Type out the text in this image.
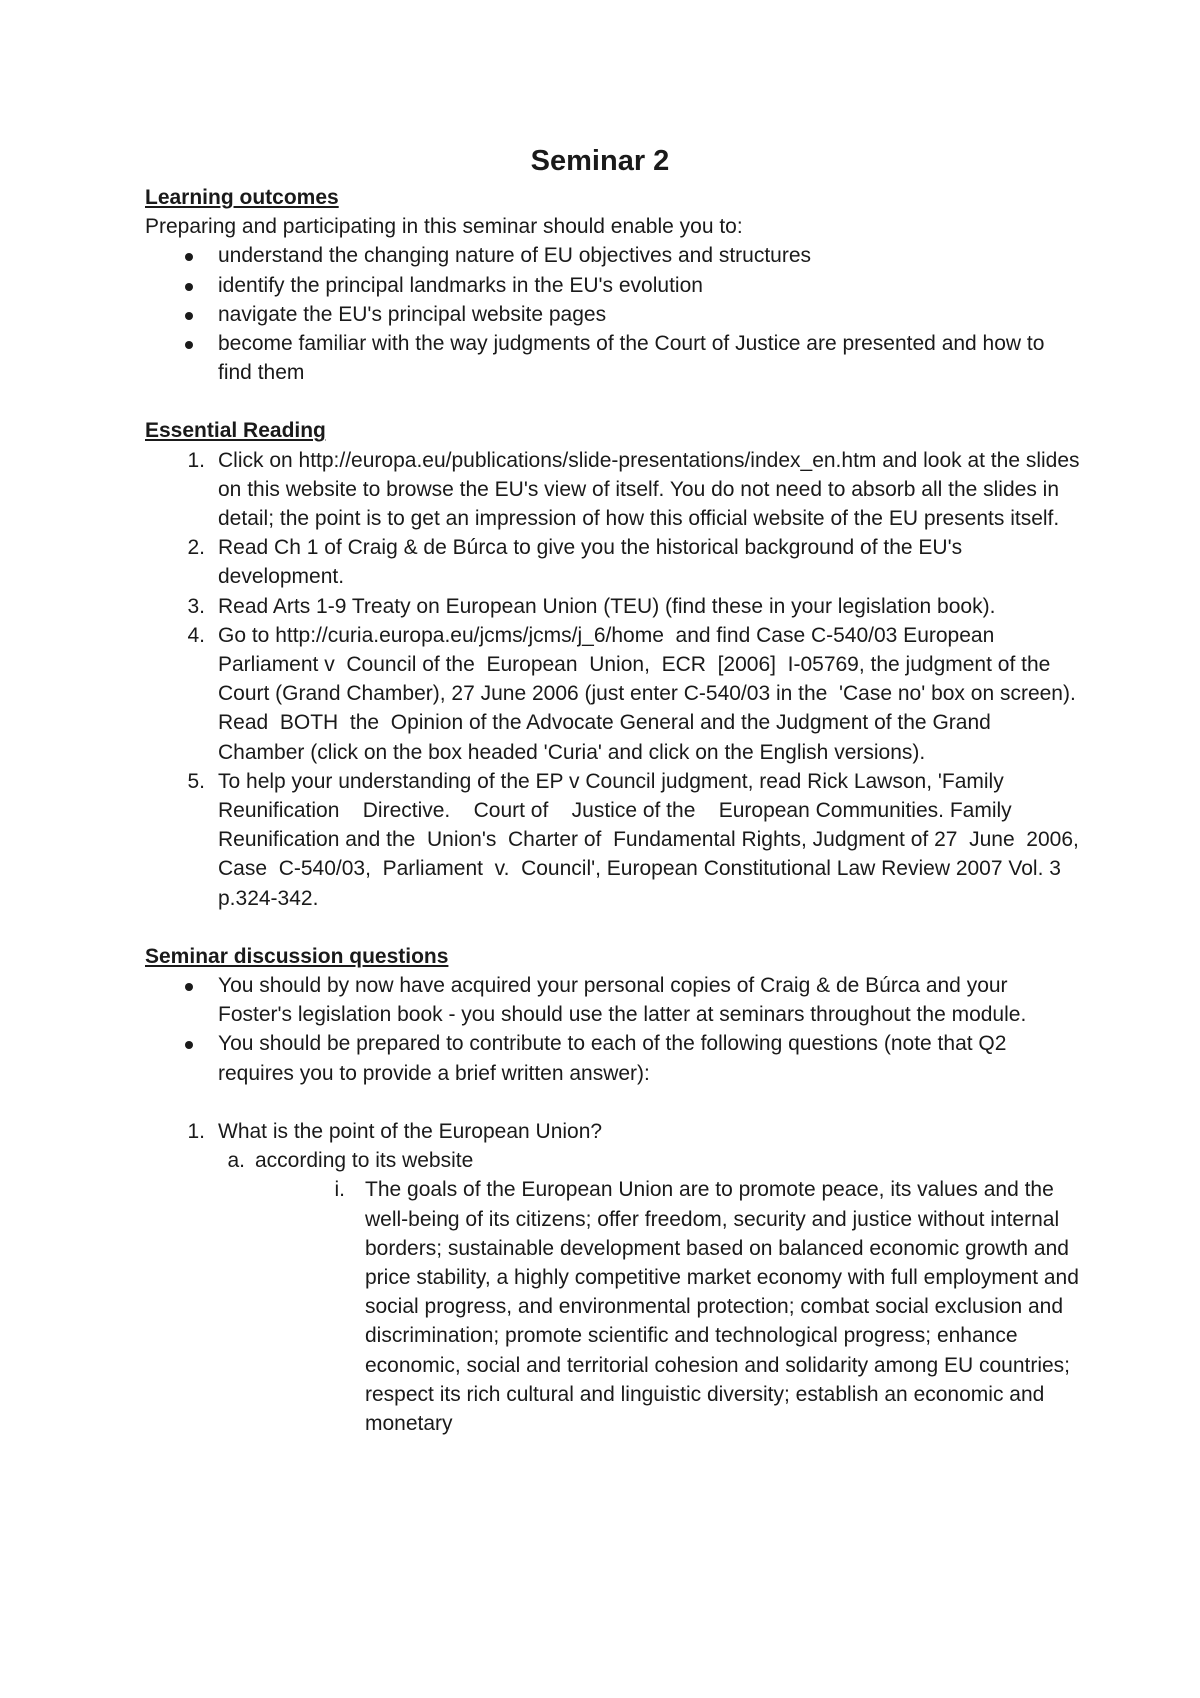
Seminar 2
Learning outcomes
Preparing and participating in this seminar should enable you to:
understand the changing nature of EU objectives and structures
identify the principal landmarks in the EU's evolution
navigate the EU's principal website pages
become familiar with the way judgments of the Court of Justice are presented and how to find them
Essential Reading
1. Click on http://europa.eu/publications/slide-presentations/index_en.htm and look at the slides on this website to browse the EU's view of itself. You do not need to absorb all the slides in detail; the point is to get an impression of how this official website of the EU presents itself.
2. Read Ch 1 of Craig & de Búrca to give you the historical background of the EU's development.
3. Read Arts 1-9 Treaty on European Union (TEU) (find these in your legislation book).
4. Go to http://curia.europa.eu/jcms/jcms/j_6/home  and find Case C-540/03 European Parliament v  Council of the  European  Union,  ECR  [2006]  I-05769, the judgment of the Court (Grand Chamber), 27 June 2006 (just enter C-540/03 in the  'Case no' box on screen).  Read  BOTH  the  Opinion of the Advocate General and the Judgment of the Grand Chamber (click on the box headed 'Curia' and click on the English versions).
5. To help your understanding of the EP v Council judgment, read Rick Lawson, 'Family Reunification    Directive.    Court of    Justice of the    European Communities. Family  Reunification and the  Union's  Charter of  Fundamental Rights, Judgment of 27  June  2006,  Case  C-540/03,  Parliament  v.  Council', European Constitutional Law Review 2007 Vol. 3 p.324-342.
Seminar discussion questions
You should by now have acquired your personal copies of Craig & de Búrca and your Foster's legislation book - you should use the latter at seminars throughout the module.
You should be prepared to contribute to each of the following questions (note that Q2 requires you to provide a brief written answer):
1. What is the point of the European Union?
a. according to its website
i. The goals of the European Union are to promote peace, its values and the well-being of its citizens; offer freedom, security and justice without internal borders; sustainable development based on balanced economic growth and price stability, a highly competitive market economy with full employment and social progress, and environmental protection; combat social exclusion and discrimination; promote scientific and technological progress; enhance economic, social and territorial cohesion and solidarity among EU countries; respect its rich cultural and linguistic diversity; establish an economic and monetary
